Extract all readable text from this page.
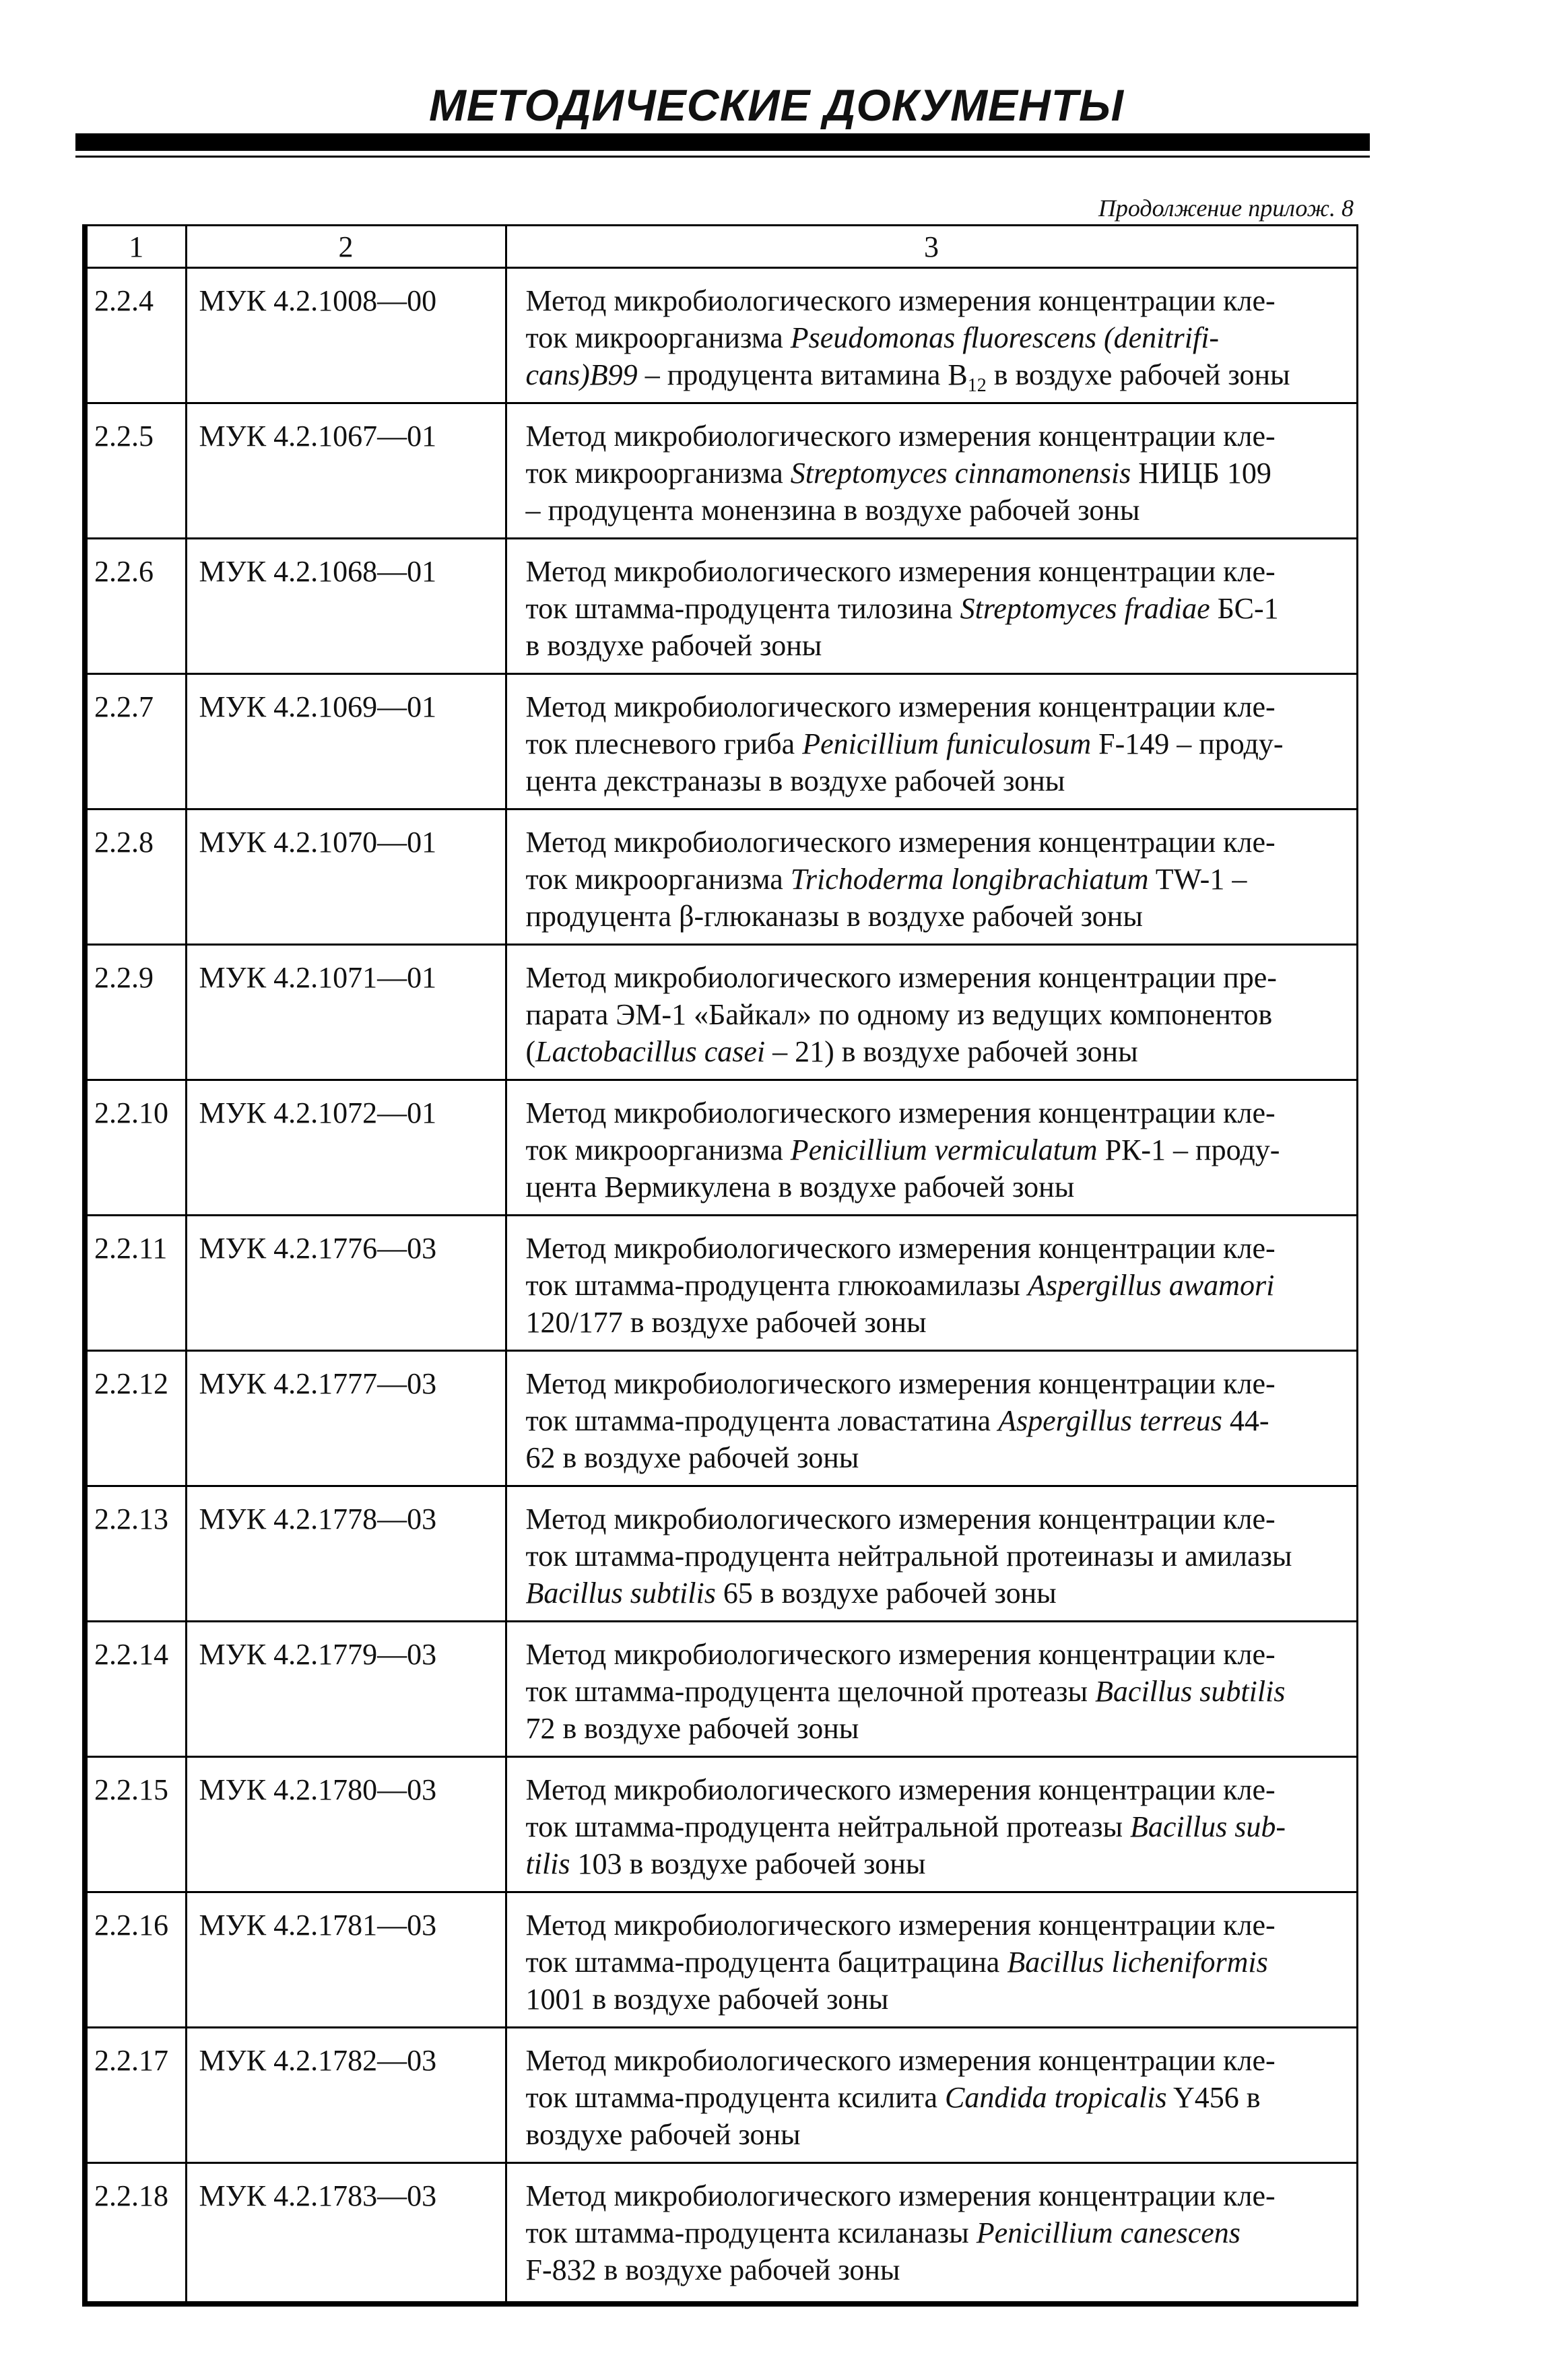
МЕТОДИЧЕСКИЕ ДОКУМЕНТЫ

Продолжение прилож. 8

1	2	3
2.2.4	МУК 4.2.1008—00	Метод микробиологического измерения концентрации кле-
ток микроорганизма Pseudomonas fluorescens (denitrifi-
cans)B99 – продуцента витамина $B_{12}$ в воздухе рабочей зоны

2.2.5	МУК 4.2.1067—01	Метод микробиологического измерения концентрации кле-
ток микроорганизма Streptomyces cinnamonensis НИЦБ 109
– продуцента монензина в воздухе рабочей зоны

2.2.6	МУК 4.2.1068—01	Метод микробиологического измерения концентрации кле-
ток штамма-продуцента тилозина Streptomyces fradiae БС-1
в воздухе рабочей зоны

2.2.7	МУК 4.2.1069—01	Метод микробиологического измерения концентрации кле-
ток плесневого гриба Penicillium funiculosum F-149 – проду-
цента декстраназы в воздухе рабочей зоны

2.2.8	МУК 4.2.1070—01	Метод микробиологического измерения концентрации кле-
ток микроорганизма Trichoderma longibrachiatum TW-1 –
продуцента β-глюканазы в воздухе рабочей зоны

2.2.9	МУК 4.2.1071—01	Метод микробиологического измерения концентрации пре-
парата ЭМ-1 «Байкал» по одному из ведущих компонентов
(Lactobacillus casei – 21) в воздухе рабочей зоны

2.2.10	МУК 4.2.1072—01	Метод микробиологического измерения концентрации кле-
ток микроорганизма Penicillium vermiculatum РК-1 – проду-
цента Вермикулена в воздухе рабочей зоны

2.2.11	МУК 4.2.1776—03	Метод микробиологического измерения концентрации кле-
ток штамма-продуцента глюкоамилазы Aspergillus awamori
120/177 в воздухе рабочей зоны

2.2.12	МУК 4.2.1777—03	Метод микробиологического измерения концентрации кле-
ток штамма-продуцента ловастатина Aspergillus terreus 44-
62 в воздухе рабочей зоны

2.2.13	МУК 4.2.1778—03	Метод микробиологического измерения концентрации кле-
ток штамма-продуцента нейтральной протеиназы и амилазы
Bacillus subtilis 65 в воздухе рабочей зоны

2.2.14	МУК 4.2.1779—03	Метод микробиологического измерения концентрации кле-
ток штамма-продуцента щелочной протеазы Bacillus subtilis
72 в воздухе рабочей зоны

2.2.15	МУК 4.2.1780—03	Метод микробиологического измерения концентрации кле-
ток штамма-продуцента нейтральной протеазы Bacillus sub-
tilis 103 в воздухе рабочей зоны

2.2.16	МУК 4.2.1781—03	Метод микробиологического измерения концентрации кле-
ток штамма-продуцента бацитрацина Bacillus licheniformis
1001 в воздухе рабочей зоны

2.2.17	МУК 4.2.1782—03	Метод микробиологического измерения концентрации кле-
ток штамма-продуцента ксилита Candida tropicalis Y456 в
воздухе рабочей зоны

2.2.18	МУК 4.2.1783—03	Метод микробиологического измерения концентрации кле-
ток штамма-продуцента ксиланазы Penicillium canescens
F-832 в воздухе рабочей зоны
